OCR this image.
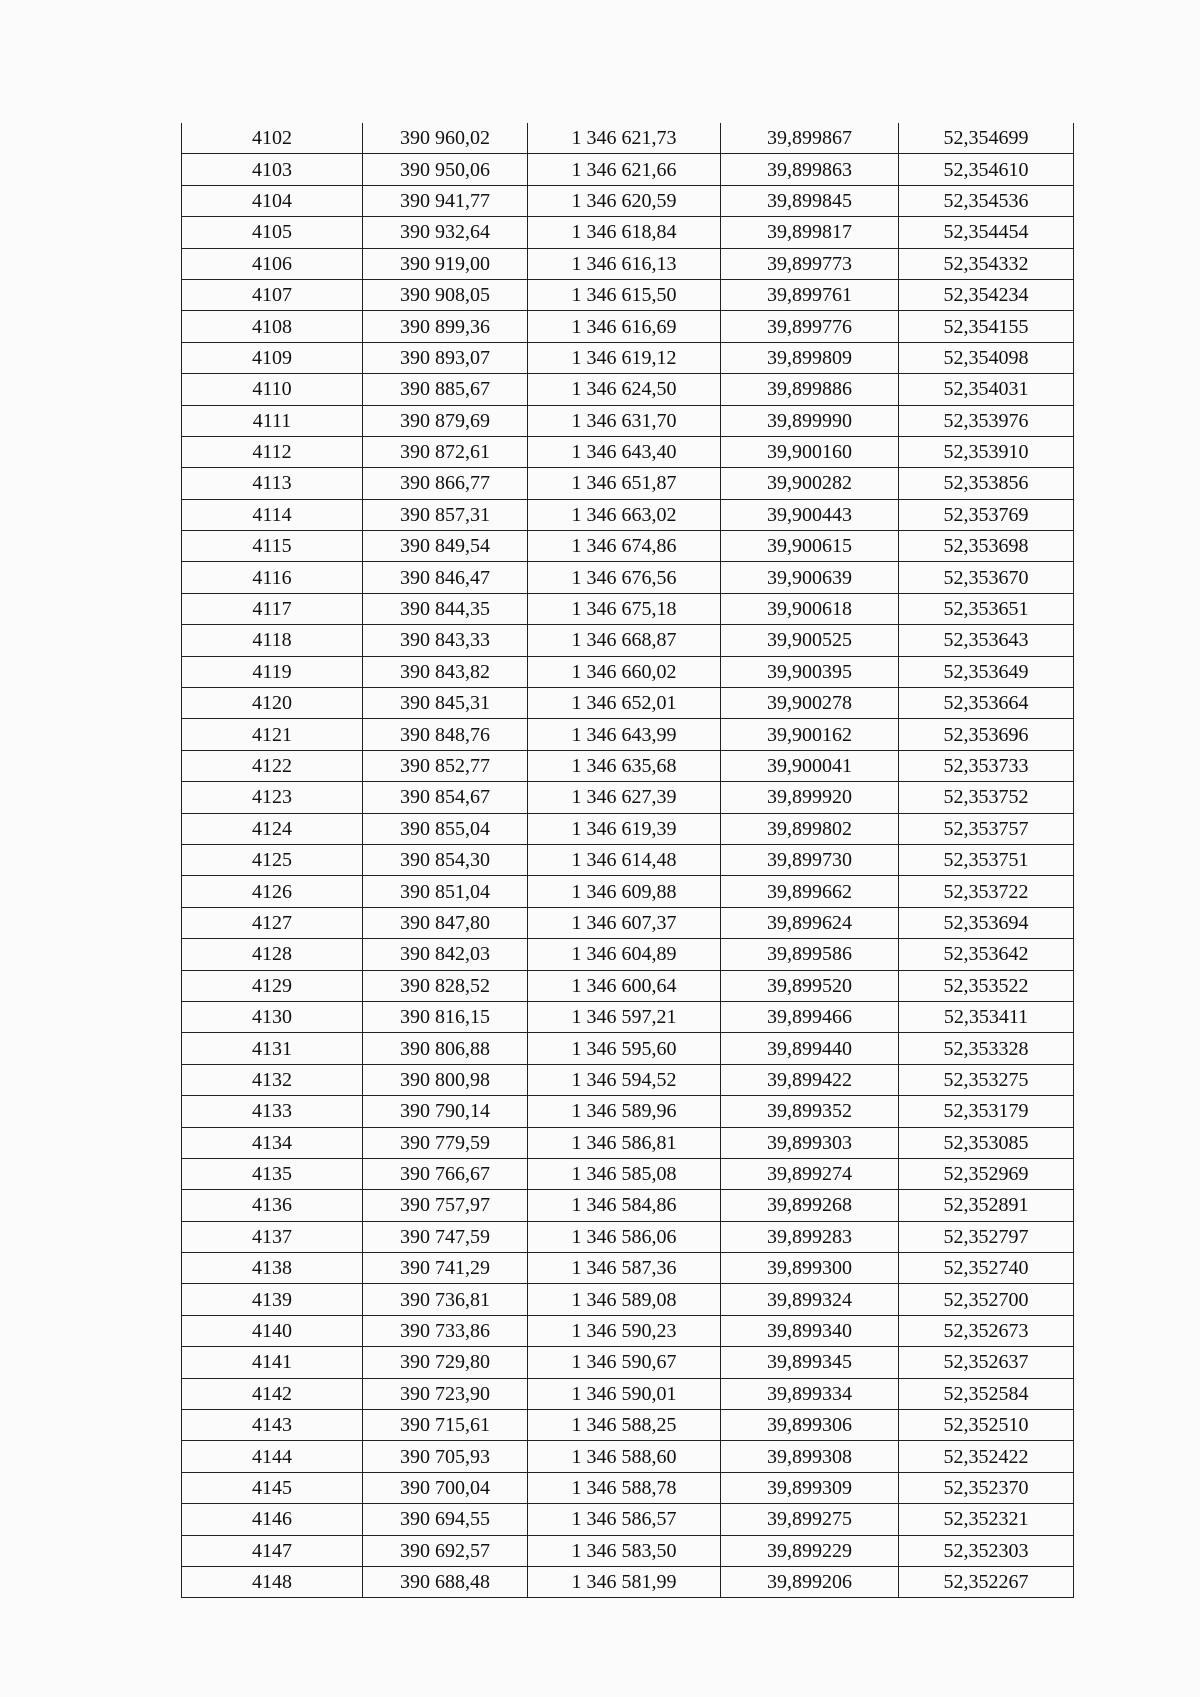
4102	390 960,02	1 346 621,73	39,899867	52,354699
4103	390 950,06	1 346 621,66	39,899863	52,354610
4104	390 941,77	1 346 620,59	39,899845	52,354536
4105	390 932,64	1 346 618,84	39,899817	52,354454
4106	390 919,00	1 346 616,13	39,899773	52,354332
4107	390 908,05	1 346 615,50	39,899761	52,354234
4108	390 899,36	1 346 616,69	39,899776	52,354155
4109	390 893,07	1 346 619,12	39,899809	52,354098
4110	390 885,67	1 346 624,50	39,899886	52,354031
4111	390 879,69	1 346 631,70	39,899990	52,353976
4112	390 872,61	1 346 643,40	39,900160	52,353910
4113	390 866,77	1 346 651,87	39,900282	52,353856
4114	390 857,31	1 346 663,02	39,900443	52,353769
4115	390 849,54	1 346 674,86	39,900615	52,353698
4116	390 846,47	1 346 676,56	39,900639	52,353670
4117	390 844,35	1 346 675,18	39,900618	52,353651
4118	390 843,33	1 346 668,87	39,900525	52,353643
4119	390 843,82	1 346 660,02	39,900395	52,353649
4120	390 845,31	1 346 652,01	39,900278	52,353664
4121	390 848,76	1 346 643,99	39,900162	52,353696
4122	390 852,77	1 346 635,68	39,900041	52,353733
4123	390 854,67	1 346 627,39	39,899920	52,353752
4124	390 855,04	1 346 619,39	39,899802	52,353757
4125	390 854,30	1 346 614,48	39,899730	52,353751
4126	390 851,04	1 346 609,88	39,899662	52,353722
4127	390 847,80	1 346 607,37	39,899624	52,353694
4128	390 842,03	1 346 604,89	39,899586	52,353642
4129	390 828,52	1 346 600,64	39,899520	52,353522
4130	390 816,15	1 346 597,21	39,899466	52,353411
4131	390 806,88	1 346 595,60	39,899440	52,353328
4132	390 800,98	1 346 594,52	39,899422	52,353275
4133	390 790,14	1 346 589,96	39,899352	52,353179
4134	390 779,59	1 346 586,81	39,899303	52,353085
4135	390 766,67	1 346 585,08	39,899274	52,352969
4136	390 757,97	1 346 584,86	39,899268	52,352891
4137	390 747,59	1 346 586,06	39,899283	52,352797
4138	390 741,29	1 346 587,36	39,899300	52,352740
4139	390 736,81	1 346 589,08	39,899324	52,352700
4140	390 733,86	1 346 590,23	39,899340	52,352673
4141	390 729,80	1 346 590,67	39,899345	52,352637
4142	390 723,90	1 346 590,01	39,899334	52,352584
4143	390 715,61	1 346 588,25	39,899306	52,352510
4144	390 705,93	1 346 588,60	39,899308	52,352422
4145	390 700,04	1 346 588,78	39,899309	52,352370
4146	390 694,55	1 346 586,57	39,899275	52,352321
4147	390 692,57	1 346 583,50	39,899229	52,352303
4148	390 688,48	1 346 581,99	39,899206	52,352267
